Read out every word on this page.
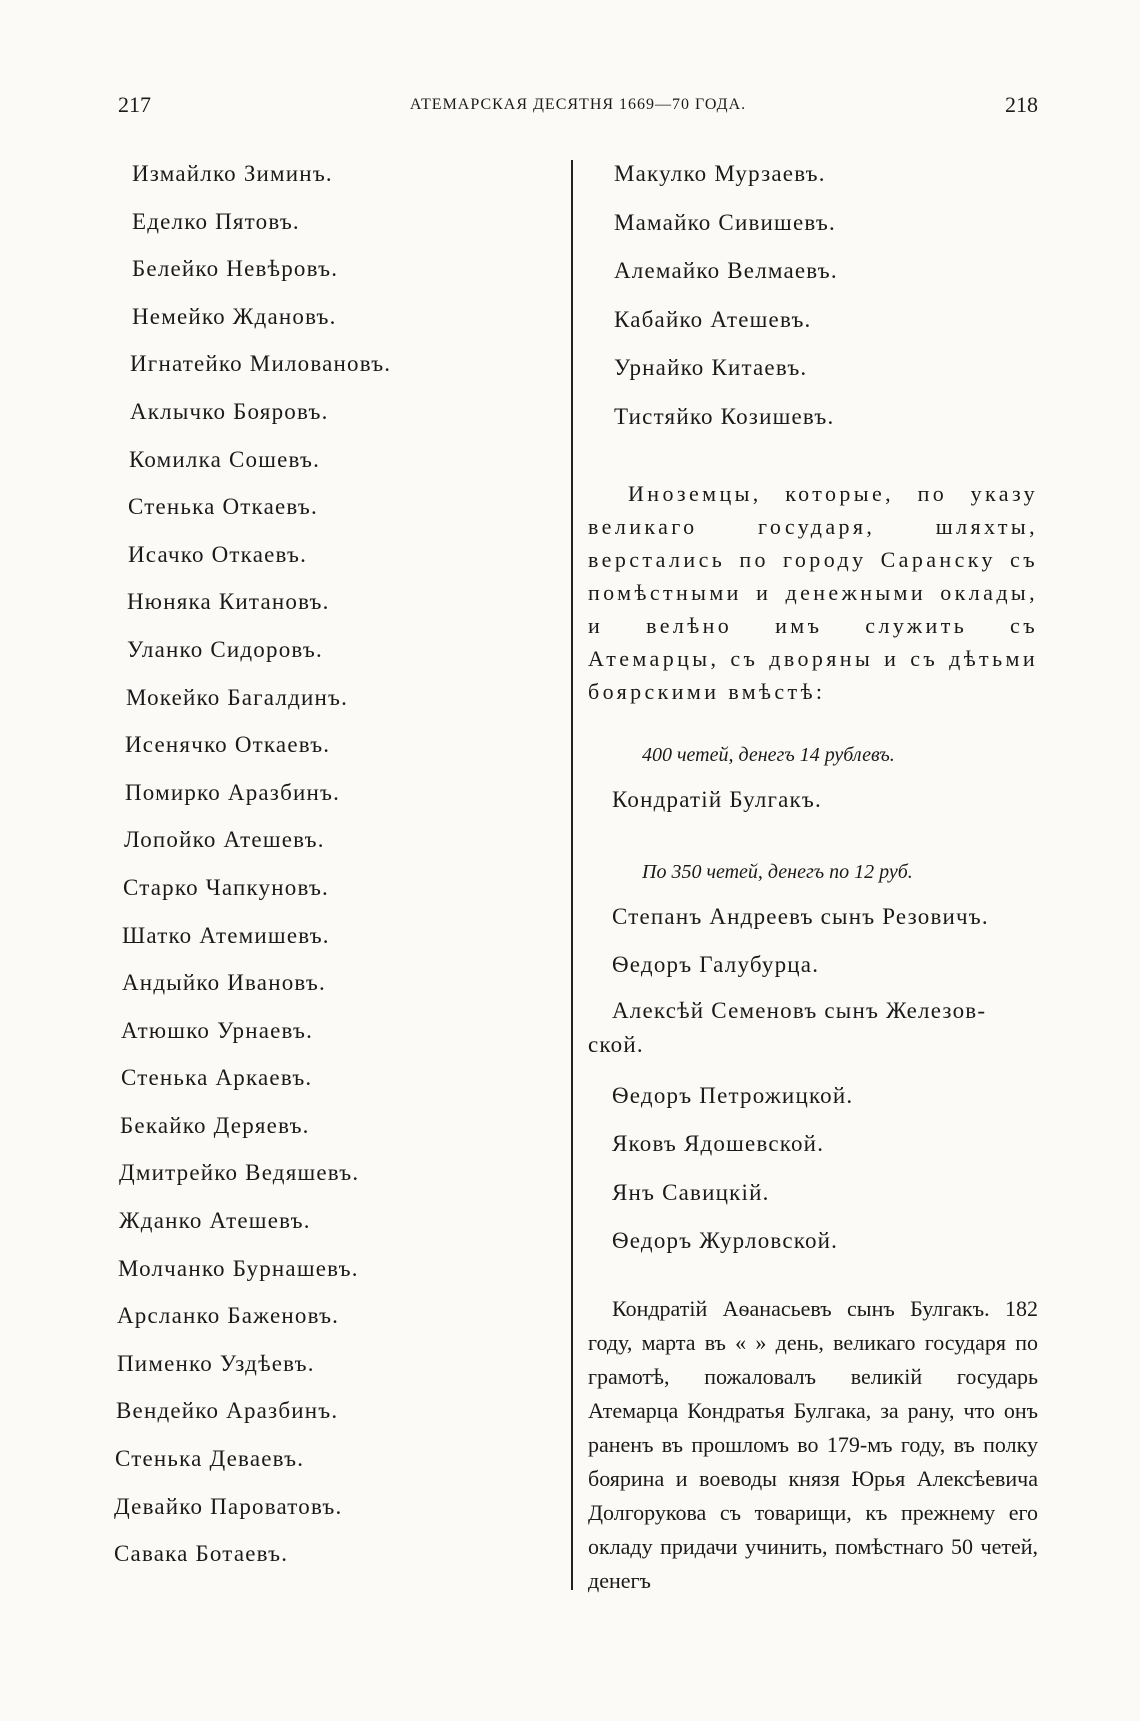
217	АТЕМАРСКАЯ ДЕСЯТНЯ 1669—70 ГОДА.	218
Измайлко Зиминъ.
Еделко Пятовъ.
Белейко Невѣровъ.
Немейко Ждановъ.
Игнатейко Миловановъ.
Аклычко Бояровъ.
Комилка Сошевъ.
Стенька Откаевъ.
Исачко Откаевъ.
Нюняка Китановъ.
Уланко Сидоровъ.
Мокейко Багалдинъ.
Исенячко Откаевъ.
Помирко Аразбинъ.
Лопойко Атешевъ.
Старко Чапкуновъ.
Шатко Атемишевъ.
Андыйко Ивановъ.
Атюшко Урнаевъ.
Стенька Аркаевъ.
Бекайко Деряевъ.
Дмитрейко Ведяшевъ.
Жданко Атешевъ.
Молчанко Бурнашевъ.
Арсланко Баженовъ.
Пименко Уздѣевъ.
Вендейко Аразбинъ.
Стенька Деваевъ.
Девайко Пароватовъ.
Савака Ботаевъ.
Макулко Мурзаевъ.
Мамайко Сивишевъ.
Алемайко Велмаевъ.
Кабайко Атешевъ.
Урнайко Китаевъ.
Тистяйко Козишевъ.
Иноземцы, которые, по указу великаго государя, шляхты, верстались по городу Саранску съ помѣстными и денежными оклады, и велѣно имъ служить съ Атемарцы, съ дворяны и съ дѣтьми боярскими вмѣстѣ:
400 четей, денегъ 14 рублевъ.
Кондратій Булгакъ.
По 350 четей, денегъ по 12 руб.
Степанъ Андреевъ сынъ Резовичъ.
Ѳедоръ Галубурца.
Алексѣй Семеновъ сынъ Железов-
ской.
Ѳедоръ Петрожицкой.
Яковъ Ядошевской.
Янъ Савицкій.
Ѳедоръ Журловской.
Кондратій Аѳанасьевъ сынъ Булгакъ. 182 году, марта въ « » день, великаго государя по грамотѣ, пожаловалъ великій государь Атемарца Кондратья Булгака, за рану, что онъ раненъ въ прошломъ во 179-мъ году, въ полку боярина и воеводы князя Юрья Алексѣевича Долгорукова съ товарищи, къ прежнему его окладу придачи учинить, помѣстнаго 50 четей, денегъ
